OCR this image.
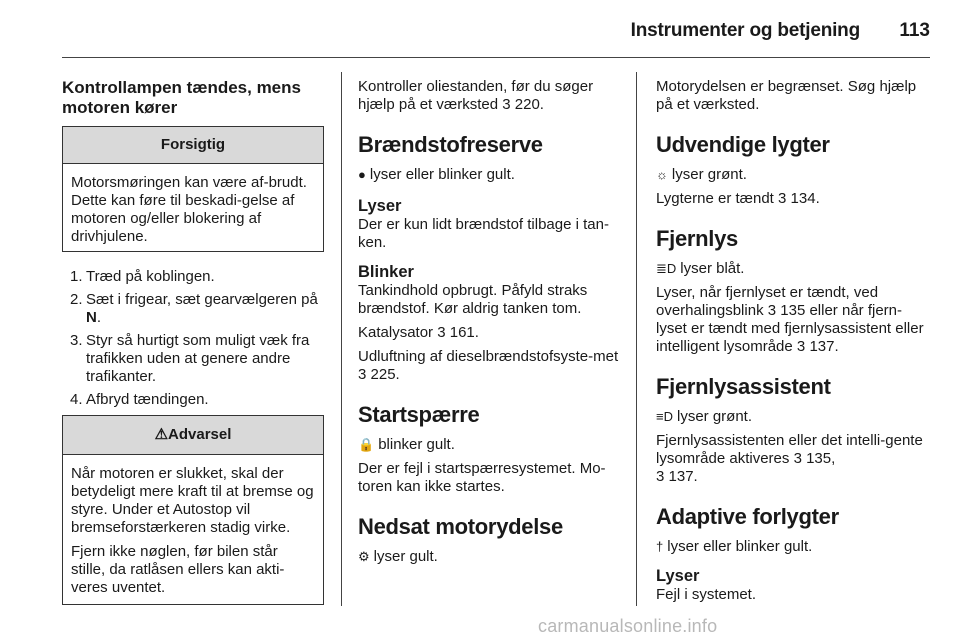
Instrumenter og betjening	113

Kontrollampen tændes, mens motoren kører

Forsigtig

Motorsmøringen kan være af-brudt. Dette kan føre til beskadi-gelse af motoren og/eller blokering af drivhjulene.

1. Træd på koblingen.
2. Sæt i frigear, sæt gearvælgeren på N.
3. Styr så hurtigt som muligt væk fra trafikken uden at genere andre trafikanter.
4. Afbryd tændingen.
⚠Advarsel

Når motoren er slukket, skal der betydeligt mere kraft til at bremse og styre. Under et Autostop vil bremseforstærkeren stadig virke.

Fjern ikke nøglen, før bilen står stille, da ratlåsen ellers kan akti-veres uventet.

Kontroller oliestanden, før du søger hjælp på et værksted 3 220.

Brændstofreserve

● lyser eller blinker gult.

Lyser

Der er kun lidt brændstof tilbage i tan-ken.

Blinker

Tankindhold opbrugt. Påfyld straks brændstof. Kør aldrig tanken tom.

Katalysator 3 161.

Udluftning af dieselbrændstofsyste-met 3 225.

Startspærre

🔒 blinker gult.

Der er fejl i startspærresystemet. Mo-toren kan ikke startes.

Nedsat motorydelse

⚙ lyser gult.

Motorydelsen er begrænset. Søg hjælp på et værksted.

Udvendige lygter

☼ lyser grønt.

Lygterne er tændt 3 134.

Fjernlys

≣D lyser blåt.

Lyser, når fjernlyset er tændt, ved overhalingsblink 3 135 eller når fjern-lyset er tændt med fjernlysassistent eller intelligent lysområde 3 137.

Fjernlysassistent

≡D lyser grønt.

Fjernlysassistenten eller det intelli-gente lysområde aktiveres 3 135,
3 137.

Adaptive forlygter

† lyser eller blinker gult.

Lyser

Fejl i systemet.

carmanualsonline.info
